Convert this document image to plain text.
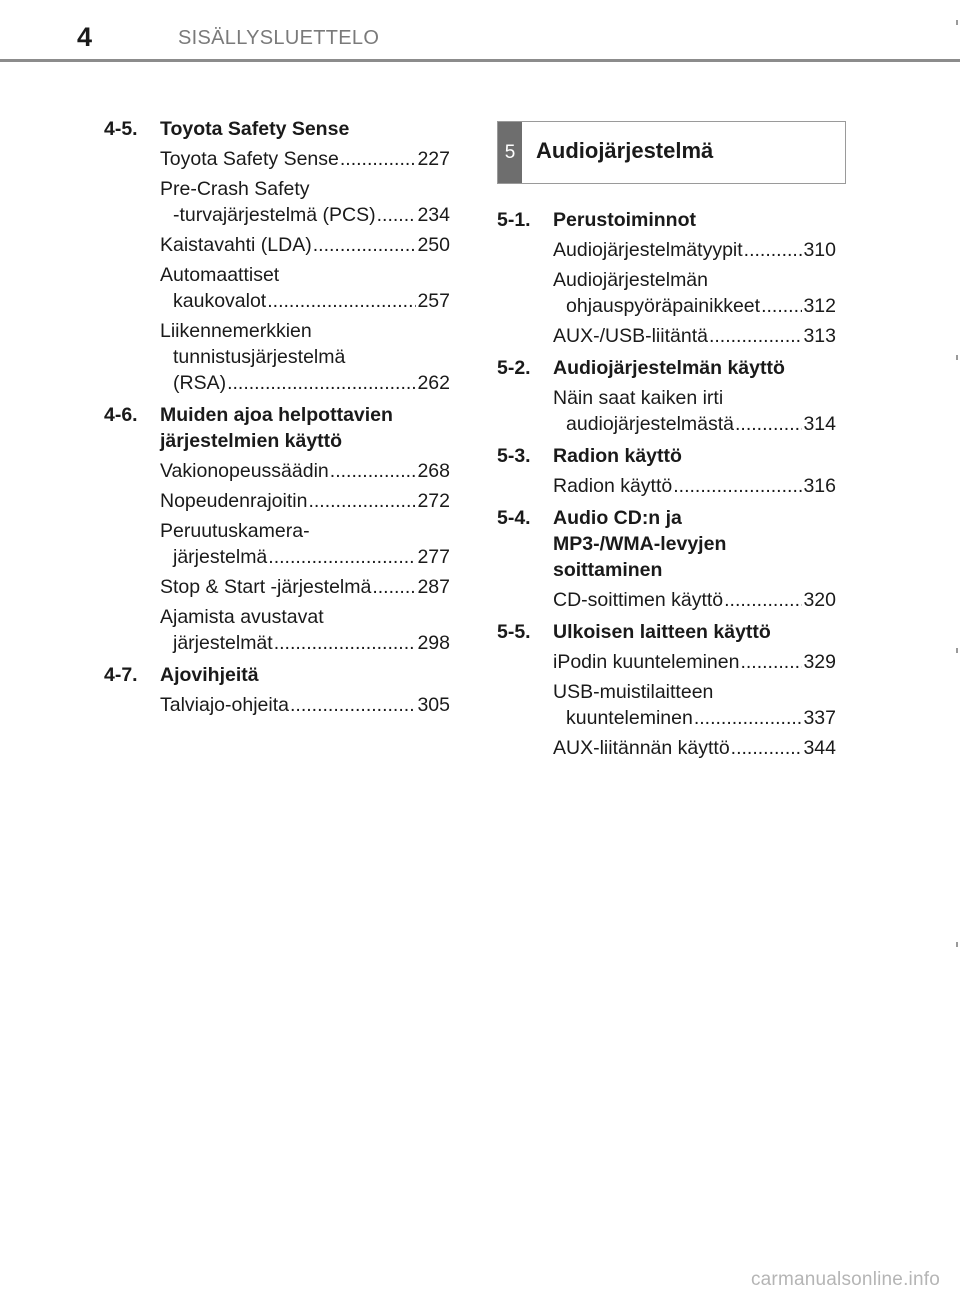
4	SISÄLLYSLUETTELO
4-5. Toyota Safety Sense
Toyota Safety Sense .....	227
Pre-Crash Safety
-turvajärjestelmä (PCS) ..... 234
Kaistavahti (LDA) .....	250
Automaattiset
kaukovalot .....	257
Liikennemerkkien
tunnistusjärjestelmä
(RSA) .....	262
4-6. Muiden ajoa helpottavien
järjestelmien käyttö
Vakionopeussäädin .....	268
Nopeudenrajoitin .....	272
Peruutuskamera-
järjestelmä .....	277
Stop & Start -järjestelmä ..... 287
Ajamista avustavat
järjestelmät .....	298
4-7. Ajovihjeitä
Talviajo-ohjeita .....	305
5 Audiojärjestelmä
5-1. Perustoiminnot
Audiojärjestelmätyypit .....	310
Audiojärjestelmän
ohjauspyöräpainikkeet ..... 312
AUX-/USB-liitäntä .....	313
5-2. Audiojärjestelmän käyttö
Näin saat kaiken irti
audiojärjestelmästä .....	314
5-3. Radion käyttö
Radion käyttö .....	316
5-4. Audio CD:n ja
MP3-/WMA-levyjen
soittaminen
CD-soittimen käyttö .....	320
5-5. Ulkoisen laitteen käyttö
iPodin kuunteleminen .....	329
USB-muistilaitteen
kuunteleminen .....	337
AUX-liitännän käyttö .....	344
carmanualsonline.info
